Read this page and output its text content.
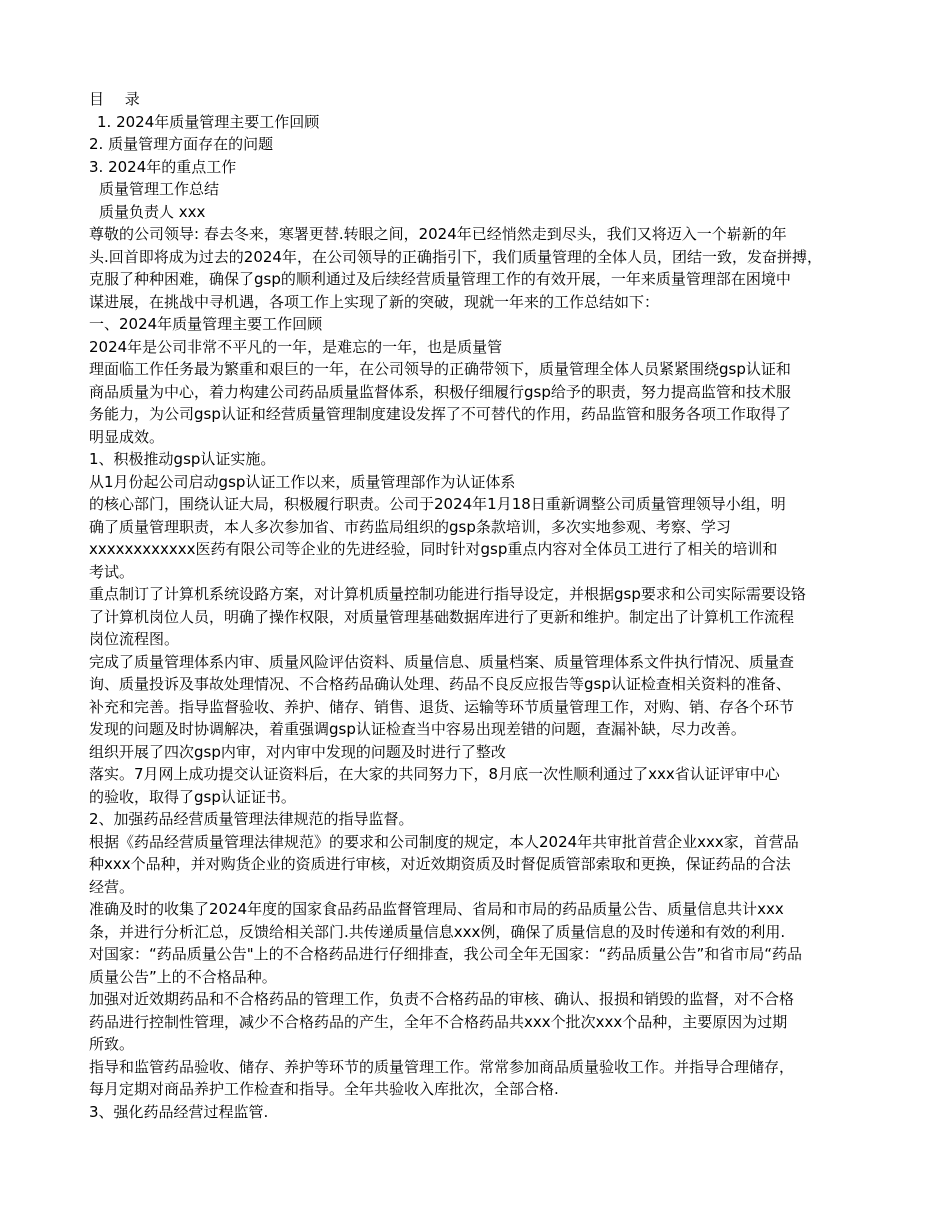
目 录
1. 2024年质量管理主要工作回顾
2. 质量管理方面存在的问题
3. 2024年的重点工作
质量管理工作总结
质量负责人 xxx
尊敬的公司领导: 春去冬来，寒署更替.转眼之间，2024年已经悄然走到尽头，我们又将迈入一个崭新的年
头.回首即将成为过去的2024年，在公司领导的正确指引下，我们质量管理的全体人员，团结一致，发奋拼搏，
克服了种种困难，确保了gsp的顺利通过及后续经营质量管理工作的有效开展，一年来质量管理部在困境中
谋进展，在挑战中寻机遇，各项工作上实现了新的突破，现就一年来的工作总结如下：
一、2024年质量管理主要工作回顾
2024年是公司非常不平凡的一年，是难忘的一年，也是质量管
理面临工作任务最为繁重和艰巨的一年，在公司领导的正确带领下，质量管理全体人员紧紧围绕gsp认证和
商品质量为中心，着力构建公司药品质量监督体系，积极仔细履行gsp给予的职责，努力提高监管和技术服
务能力，为公司gsp认证和经营质量管理制度建设发挥了不可替代的作用，药品监管和服务各项工作取得了
明显成效。
1、积极推动gsp认证实施。
从1月份起公司启动gsp认证工作以来，质量管理部作为认证体系
的核心部门，围绕认证大局，积极履行职责。公司于2024年1月18日重新调整公司质量管理领导小组，明
确了质量管理职责，本人多次参加省、市药监局组织的gsp条款培训，多次实地参观、考察、学习
xxxxxxxxxxxx医药有限公司等企业的先进经验，同时针对gsp重点内容对全体员工进行了相关的培训和
考试。
重点制订了计算机系统设路方案，对计算机质量控制功能进行指导设定，并根据gsp要求和公司实际需要设铬
了计算机岗位人员，明确了操作权限，对质量管理基础数据库进行了更新和维护。制定出了计算机工作流程
岗位流程图。
完成了质量管理体系内审、质量风险评估资料、质量信息、质量档案、质量管理体系文件执行情况、质量查
询、质量投诉及事故处理情况、不合格药品确认处理、药品不良反应报告等gsp认证检查相关资料的准备、
补充和完善。指导监督验收、养护、储存、销售、退货、运输等环节质量管理工作，对购、销、存各个环节
发现的问题及时协调解决，着重强调gsp认证检查当中容易出现差错的问题，查漏补缺，尽力改善。
组织开展了四次gsp内审，对内审中发现的问题及时进行了整改
落实。7月网上成功提交认证资料后，在大家的共同努力下，8月底一次性顺利通过了xxx省认证评审中心
的验收，取得了gsp认证证书。
2、加强药品经营质量管理法律规范的指导监督。
根据《药品经营质量管理法律规范》的要求和公司制度的规定，本人2024年共审批首营企业xxx家，首营品
种xxx个品种，并对购货企业的资质进行审核，对近效期资质及时督促质管部索取和更换，保证药品的合法
经营。
准确及时的收集了2024年度的国家食品药品监督管理局、省局和市局的药品质量公告、质量信息共计xxx
条，并进行分析汇总，反馈给相关部门.共传递质量信息xxx例，确保了质量信息的及时传递和有效的利用.
对国家：“药品质量公告"上的不合格药品进行仔细排查，我公司全年无国家：“药品质量公告”和省市局“药品
质量公告”上的不合格品种。
加强对近效期药品和不合格药品的管理工作，负责不合格药品的审核、确认、报损和销毁的监督，对不合格
药品进行控制性管理，减少不合格药品的产生，全年不合格药品共xxx个批次xxx个品种，主要原因为过期
所致。
指导和监管药品验收、储存、养护等环节的质量管理工作。常常参加商品质量验收工作。并指导合理储存，
每月定期对商品养护工作检查和指导。全年共验收入库批次，全部合格.
3、强化药品经营过程监管.
